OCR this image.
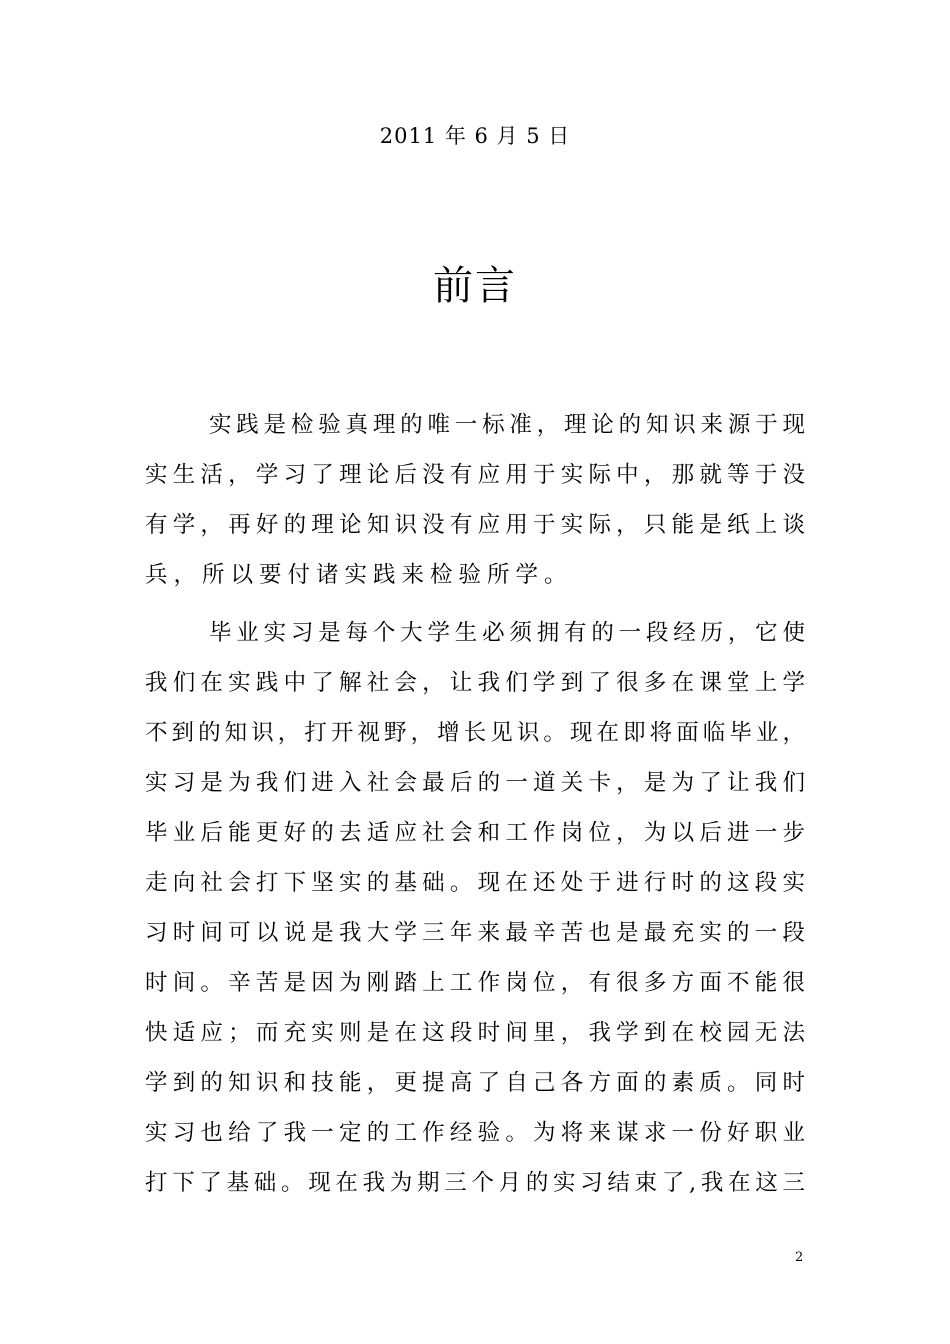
2011 年 6 月 5 日
前言
实践是检验真理的唯一标准，理论的知识来源于现
实生活，学习了理论后没有应用于实际中，那就等于没
有学，再好的理论知识没有应用于实际，只能是纸上谈
兵，所以要付诸实践来检验所学。
毕业实习是每个大学生必须拥有的一段经历，它使
我们在实践中了解社会，让我们学到了很多在课堂上学
不到的知识，打开视野，增长见识。现在即将面临毕业，
实习是为我们进入社会最后的一道关卡，是为了让我们
毕业后能更好的去适应社会和工作岗位，为以后进一步
走向社会打下坚实的基础。现在还处于进行时的这段实
习时间可以说是我大学三年来最辛苦也是最充实的一段
时间。辛苦是因为刚踏上工作岗位，有很多方面不能很
快适应；而充实则是在这段时间里，我学到在校园无法
学到的知识和技能，更提高了自己各方面的素质。同时
实习也给了我一定的工作经验。为将来谋求一份好职业
打下了基础。现在我为期三个月的实习结束了,我在这三
2
